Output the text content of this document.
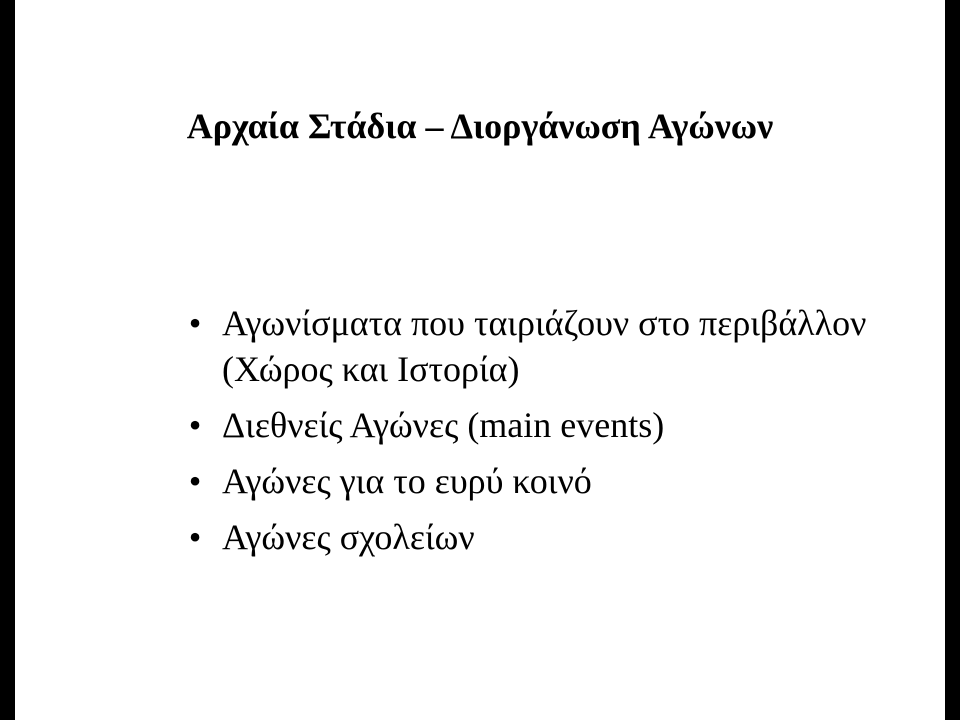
Αρχαία Στάδια – Διοργάνωση Αγώνων
• Αγωνίσματα που ταιριάζουν στο περιβάλλον (Χώρος και Ιστορία)
• Διεθνείς Αγώνες (main events)
• Αγώνες για το ευρύ κοινό
• Αγώνες σχολείων
